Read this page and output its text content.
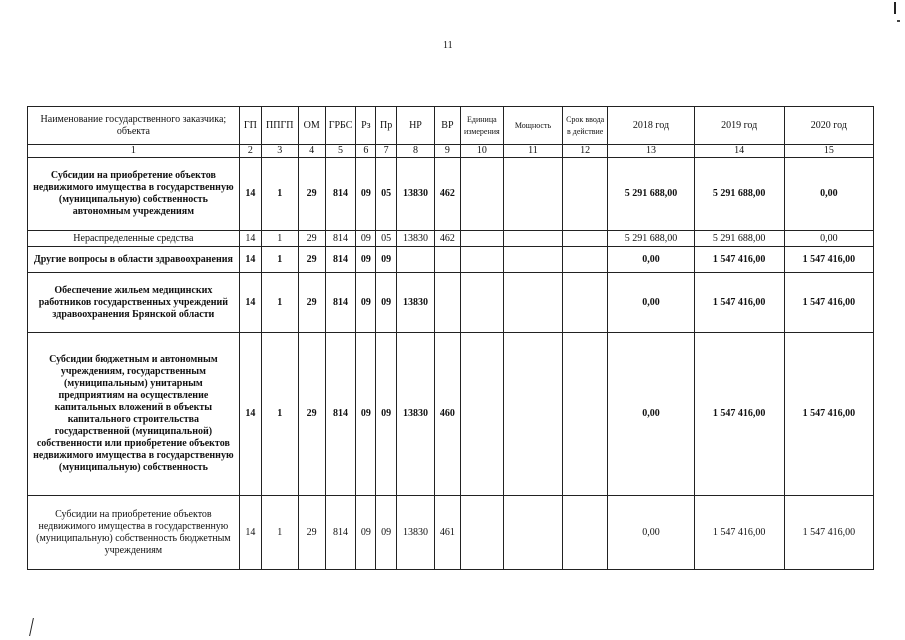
11
Наименование государственного заказчика; объекта	ГП	ППГП	ОМ	ГРБС	Рз	Пр	НР	ВР	Единица измерения	Мощность	Срок ввода в действие	2018 год	2019 год	2020 год
1	2	3	4	5	6	7	8	9	10	11	12	13	14	15
Субсидии на приобретение объектов недвижимого имущества в государственную (муниципальную) собственность автономным учреждениям	14	1	29	814	09	05	13830	462				5 291 688,00	5 291 688,00	0,00
Нераспределенные средства	14	1	29	814	09	05	13830	462				5 291 688,00	5 291 688,00	0,00
Другие вопросы в области здравоохранения	14	1	29	814	09	09						0,00	1 547 416,00	1 547 416,00
Обеспечение жильем медицинских работников государственных учреждений здравоохранения Брянской области	14	1	29	814	09	09	13830					0,00	1 547 416,00	1 547 416,00
Субсидии бюджетным и автономным учреждениям, государственным (муниципальным) унитарным предприятиям на осуществление капитальных вложений в объекты капитального строительства государственной (муниципальной) собственности или приобретение объектов недвижимого имущества в государственную (муниципальную) собственность	14	1	29	814	09	09	13830	460				0,00	1 547 416,00	1 547 416,00
Субсидии на приобретение объектов недвижимого имущества в государственную (муниципальную) собственность бюджетным учреждениям	14	1	29	814	09	09	13830	461				0,00	1 547 416,00	1 547 416,00
